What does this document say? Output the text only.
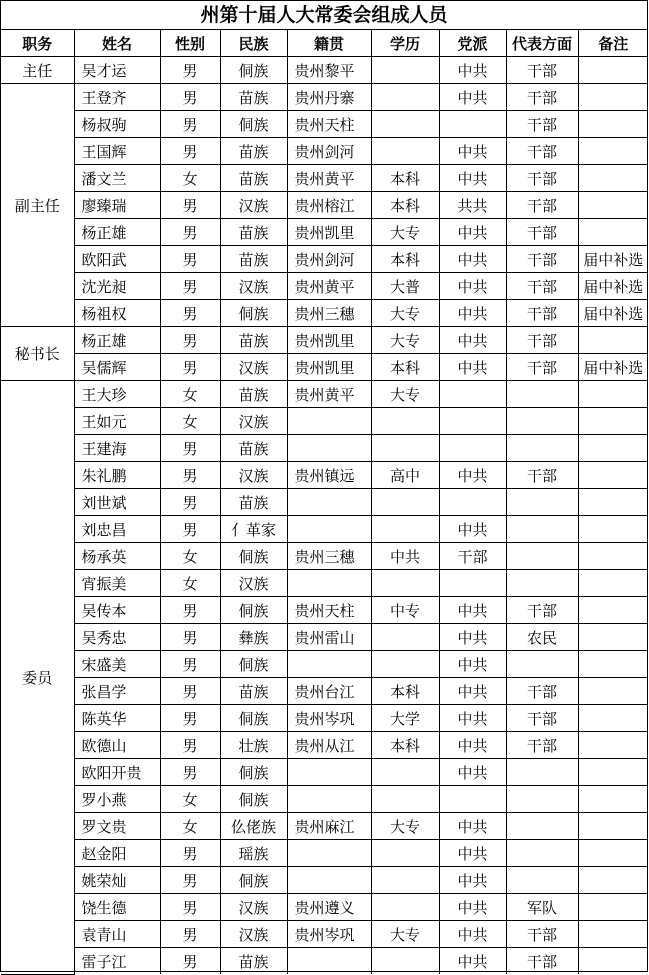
州第十届人大常委会组成人员
职务	姓名	性别	民族	籍贯	学历	党派	代表方面	备注
主任	吴才运	男	侗族	贵州黎平		中共	干部	
副主任	王登齐	男	苗族	贵州丹寨		中共	干部	
	杨叔驹	男	侗族	贵州天柱			干部	
	王国辉	男	苗族	贵州剑河		中共	干部	
	潘文兰	女	苗族	贵州黄平	本科	中共	干部	
	廖臻瑞	男	汉族	贵州榕江	本科	共共	干部	
	杨正雄	男	苗族	贵州凯里	大专	中共	干部	
	欧阳武	男	苗族	贵州剑河	本科	中共	干部	届中补选
	沈光昶	男	汉族	贵州黄平	大普	中共	干部	届中补选
	杨祖权	男	侗族	贵州三穗	大专	中共	干部	届中补选
秘书长	杨正雄	男	苗族	贵州凯里	大专	中共	干部	
	吴儒辉	男	汉族	贵州凯里	本科	中共	干部	届中补选
委员	王大珍	女	苗族	贵州黄平	大专			
	王如元	女	汉族					
	王建海	男	苗族					
	朱礼鹏	男	汉族	贵州镇远	高中	中共	干部	
	刘世斌	男	苗族					
	刘忠昌	男	亻革家			中共		
	杨承英	女	侗族	贵州三穗	中共	干部		
	宵振美	女	汉族					
	吴传本	男	侗族	贵州天柱	中专	中共	干部	
	吴秀忠	男	彝族	贵州雷山		中共	农民	
	宋盛美	男	侗族			中共		
	张昌学	男	苗族	贵州台江	本科	中共	干部	
	陈英华	男	侗族	贵州岑巩	大学	中共	干部	
	欧德山	男	壮族	贵州从江	本科	中共	干部	
	欧阳开贵	男	侗族			中共		
	罗小燕	女	侗族					
	罗文贵	女	仫佬族	贵州麻江	大专	中共		
	赵金阳	男	瑶族			中共		
	姚荣灿	男	侗族			中共		
	饶生德	男	汉族	贵州遵义		中共	军队	
	袁青山	男	汉族	贵州岑巩	大专	中共	干部	
	雷子江	男	苗族			中共	干部	
